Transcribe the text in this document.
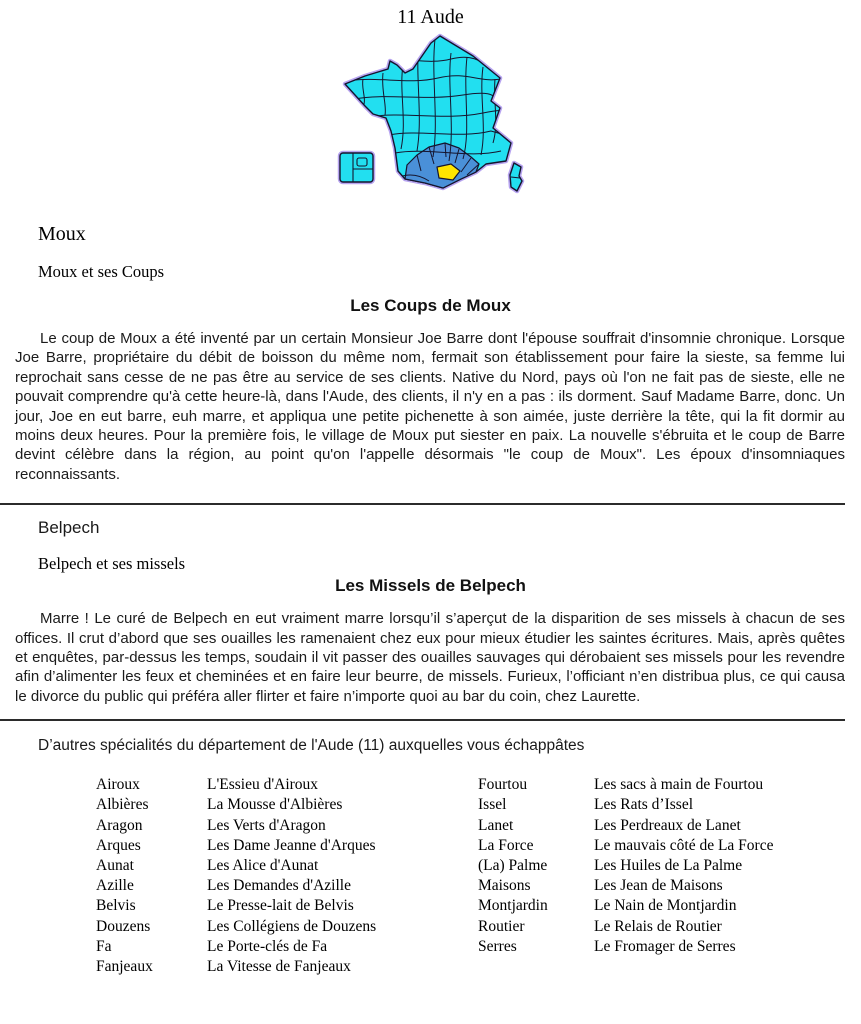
11 Aude
Moux
Moux et ses Coups
Les Coups de Moux

Le coup de Moux a été inventé par un certain Monsieur Joe Barre dont l'épouse souffrait d'insomnie chronique. Lorsque Joe Barre, propriétaire du débit de boisson du même nom, fermait son établissement pour faire la sieste, sa femme lui reprochait sans cesse de ne pas être au service de ses clients. Native du Nord, pays où l'on ne fait pas de sieste, elle ne pouvait comprendre qu'à cette heure-là, dans l'Aude, des clients, il n'y en a pas : ils dorment. Sauf Madame Barre, donc. Un jour, Joe en eut barre, euh marre, et appliqua une petite pichenette à son aimée, juste derrière la tête, qui la fit dormir au moins deux heures. Pour la première fois, le village de Moux put siester en paix. La nouvelle s'ébruita et le coup de Barre devint célèbre dans la région, au point qu'on l'appelle désormais "le coup de Moux". Les époux d'insomniaques reconnaissants.

Belpech
Belpech et ses missels
Les Missels de Belpech

Marre ! Le curé de Belpech en eut vraiment marre lorsqu’il s’aperçut de la disparition de ses missels à chacun de ses offices. Il crut d’abord que ses ouailles les ramenaient chez eux pour mieux étudier les saintes écritures. Mais, après quêtes et enquêtes, par-dessus les temps, soudain il vit passer des ouailles sauvages qui dérobaient ses missels pour les revendre afin d’alimenter les feux et cheminées et en faire leur beurre, de missels. Furieux, l’officiant n’en distribua plus, ce qui causa le divorce du public qui préféra aller flirter et faire n’importe quoi au bar du coin, chez Laurette.

D’autres spécialités du département de l'Aude (11) auxquelles vous échappâtes
Airoux	L'Essieu d'Airoux
Albières	La Mousse d'Albières
Aragon	Les Verts d'Aragon
Arques	Les Dame Jeanne d'Arques
Aunat	Les Alice d'Aunat
Azille	Les Demandes d'Azille
Belvis	Le Presse-lait de Belvis
Douzens	Les Collégiens de Douzens
Fa	Le Porte-clés de Fa
Fanjeaux	La Vitesse de Fanjeaux
Fourtou	Les sacs à main de Fourtou
Issel	Les Rats d’Issel
Lanet	Les Perdreaux de Lanet
La Force	Le mauvais côté de La Force
(La) Palme	Les Huiles de La Palme
Maisons	Les Jean de Maisons
Montjardin	Le Nain de Montjardin
Routier	Le Relais de Routier
Serres	Le Fromager de Serres
